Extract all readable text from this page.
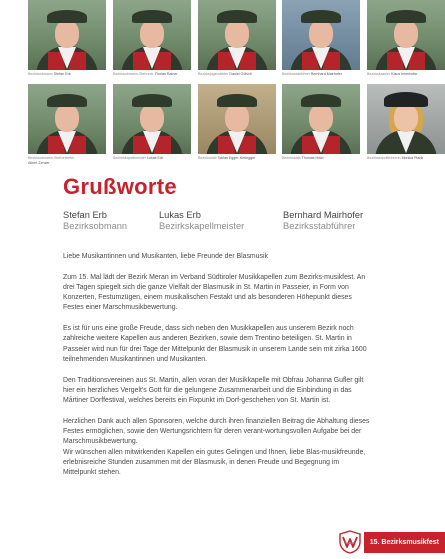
Bezirksobmann Stefan Erb	Bezirksobmann-Stellvertr. Florian Rainer	Bezirksjugendleiter Daniel Gölsch	Bezirksstabführer Bernhard Mairhofer	Bezirkskassier Klaus Innerhofer
Bezirksobmann-Stellvertreter
Albert Zenzer
Bezirkskapellmeister Lukas Erb	Bezirksstab Tobias Egger-Kerlegger	Bezirksstab Thomas Hölzl	Bezirksschriftführerin Monika Plank
Grußworte
Stefan Erb
Bezirksobmann
Lukas Erb
Bezirkskapellmeister
Bernhard Mairhofer
Bezirksstabführer

Liebe Musikantinnen und Musikanten, liebe Freunde der Blasmusik

Zum 15. Mal lädt der Bezirk Meran im Verband Südtiroler Musikkapellen zum Bezirks-musikfest. An drei Tagen spiegelt sich die ganze Vielfalt der Blasmusik in St. Martin in Passeier, in Form von Konzerten, Festumzügen, einem musikalischen Festakt und als besonderen Höhepunkt dieses Festes einer Marschmusikbewertung.

Es ist für uns eine große Freude, dass sich neben den Musikkapellen aus unserem Bezirk noch zahlreiche weitere Kapellen aus anderen Bezirken, sowie dem Trentino beteiligen. St. Martin in Passeier wird nun für drei Tage der Mittelpunkt der Blasmusik in unserem Lande sein mit zirka 1600 teilnehmenden Musikantinnen und Musikanten.

Den Traditionsvereinen aus St. Martin, allen voran der Musikkapelle mit Obfrau Johanna Gufler gilt hier ein herzliches Vergelt's Gott für die gelungene Zusammenarbeit und die Einbindung in das Mårtiner Dorffestival, welches bereits ein Fixpunkt im Dorf-geschehen von St. Martin ist.

Herzlichen Dank auch allen Sponsoren, welche durch ihren finanziellen Beitrag die Abhaltung dieses Festes ermöglichen, sowie den Wertungsrichtern für deren verant-wortungsvollen Aufgabe bei der Marschmusikbewertung.
Wir wünschen allen mitwirkenden Kapellen ein gutes Gelingen und Ihnen, liebe Blas-musikfreunde, erlebnisreiche Stunden zusammen mit der Blasmusik, in denen Freude und Begegnung im Mittelpunkt stehen.

15. Bezirksmusikfest
